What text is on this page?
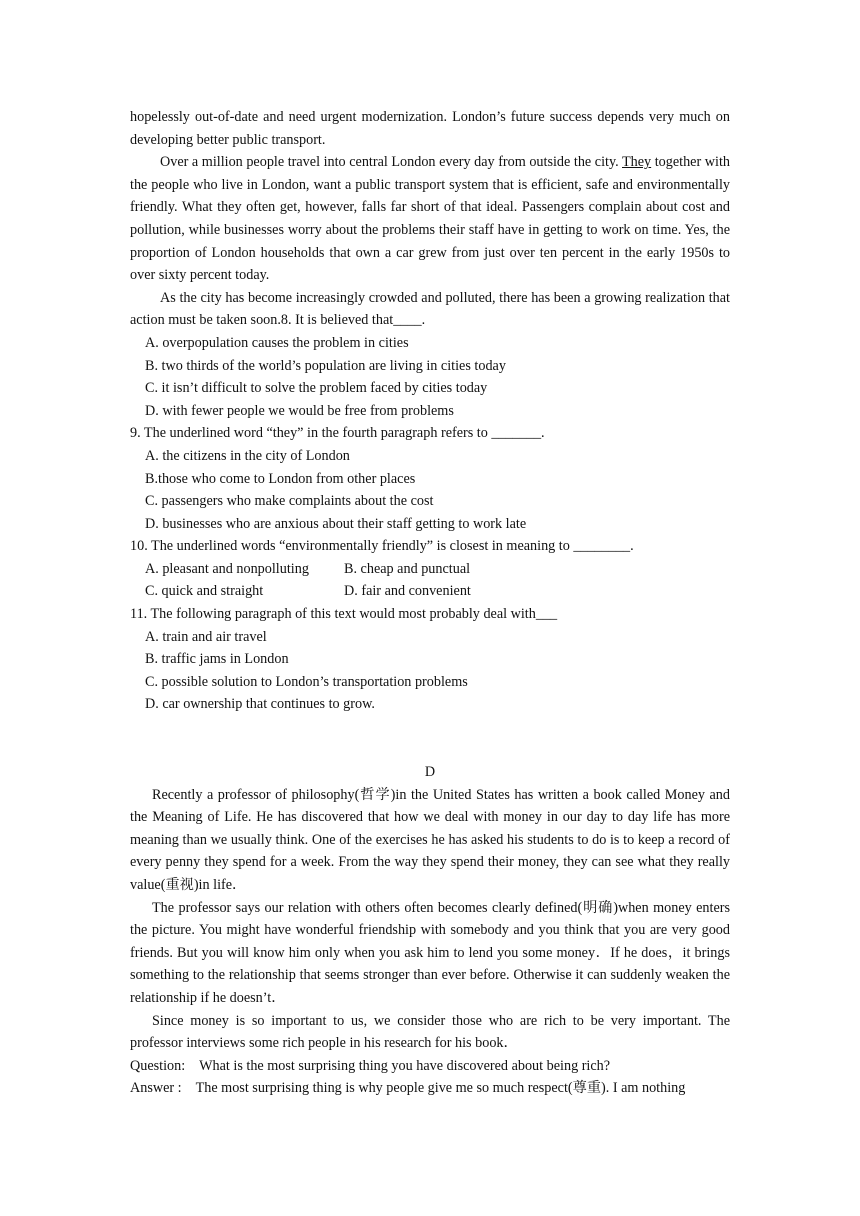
hopelessly out-of-date and need urgent modernization. London’s future success depends very much on developing better public transport.

Over a million people travel into central London every day from outside the city. They together with the people who live in London, want a public transport system that is efficient, safe and environmentally friendly. What they often get, however, falls far short of that ideal. Passengers complain about cost and pollution, while businesses worry about the problems their staff have in getting to work on time. Yes, the proportion of London households that own a car grew from just over ten percent in the early 1950s to over sixty percent today.

As the city has become increasingly crowded and polluted, there has been a growing realization that action must be taken soon.8. It is believed that____.

A. overpopulation causes the problem in cities

B. two thirds of the world’s population are living in cities today

C. it isn’t difficult to solve the problem faced by cities today

D. with fewer people we would be free from problems

9. The underlined word “they” in the fourth paragraph refers to _______.

A. the citizens in the city of London

B.those who come to London from other places

C. passengers who make complaints about the cost

D. businesses who are anxious about their staff getting to work late

10. The underlined words “environmentally friendly” is closest in meaning to ________.

A. pleasant and nonpolluting	B. cheap and punctual
C. quick and straight	D. fair and convenient

11. The following paragraph of this text would most probably deal with___

A. train and air travel

B. traffic jams in London

C. possible solution to London’s transportation problems

D. car ownership that continues to grow.

D

Recently a professor of philosophy(哲学)in the United States has written a book called Money and the Meaning of Life. He has discovered that how we deal with money in our day to day life has more meaning than we usually think. One of the exercises he has asked his students to do is to keep a record of every penny they spend for a week. From the way they spend their money, they can see what they really value(重视)in life．

The professor says our relation with others often becomes clearly defined(明确)when money enters the picture. You might have wonderful friendship with somebody and you think that you are very good friends. But you will know him only when you ask him to lend you some money．If he does，it brings something to the relationship that seems stronger than ever before. Otherwise it can suddenly weaken the relationship if he doesn’t．

Since money is so important to us, we consider those who are rich to be very important. The professor interviews some rich people in his research for his book．

Question: What is the most surprising thing you have discovered about being rich?

Answer : The most surprising thing is why people give me so much respect(尊重). I am nothing
